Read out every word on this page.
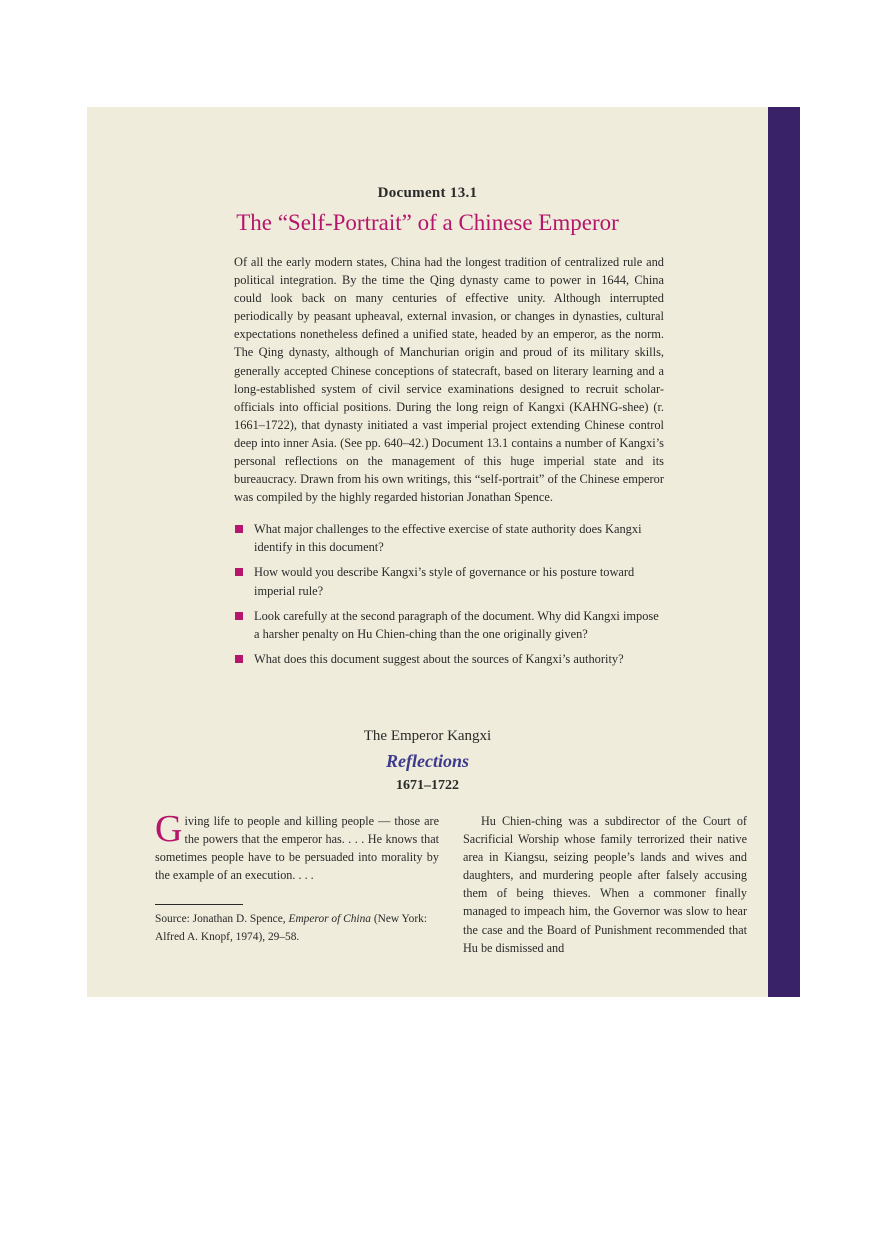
Document 13.1
The “Self-Portrait” of a Chinese Emperor

Of all the early modern states, China had the longest tradition of centralized rule and political integration. By the time the Qing dynasty came to power in 1644, China could look back on many centuries of effective unity. Although interrupted periodically by peasant upheaval, external invasion, or changes in dynasties, cultural expectations nonetheless defined a unified state, headed by an emperor, as the norm. The Qing dynasty, although of Manchurian origin and proud of its military skills, generally accepted Chinese conceptions of statecraft, based on literary learning and a long-established system of civil service examinations designed to recruit scholar-officials into official positions. During the long reign of Kangxi (KAHNG-shee) (r. 1661–1722), that dynasty initiated a vast imperial project extending Chinese control deep into inner Asia. (See pp. 640–42.) Document 13.1 contains a number of Kangxi’s personal reflections on the management of this huge imperial state and its bureaucracy. Drawn from his own writings, this “self-portrait” of the Chinese emperor was compiled by the highly regarded historian Jonathan Spence.

What major challenges to the effective exercise of state authority does Kangxi identify in this document?
How would you describe Kangxi’s style of governance or his posture toward imperial rule?
Look carefully at the second paragraph of the document. Why did Kangxi impose a harsher penalty on Hu Chien-ching than the one originally given?
What does this document suggest about the sources of Kangxi’s authority?
The Emperor Kangxi
Reflections
1671–1722

Giving life to people and killing people — those are the powers that the emperor has. . . . He knows that sometimes people have to be persuaded into morality by the example of an execution. . . .

Source: Jonathan D. Spence, Emperor of China (New York: Alfred A. Knopf, 1974), 29–58.

Hu Chien-ching was a subdirector of the Court of Sacrificial Worship whose family terrorized their native area in Kiangsu, seizing people’s lands and wives and daughters, and murdering people after falsely accusing them of being thieves. When a commoner finally managed to impeach him, the Governor was slow to hear the case and the Board of Punishment recommended that Hu be dismissed and
